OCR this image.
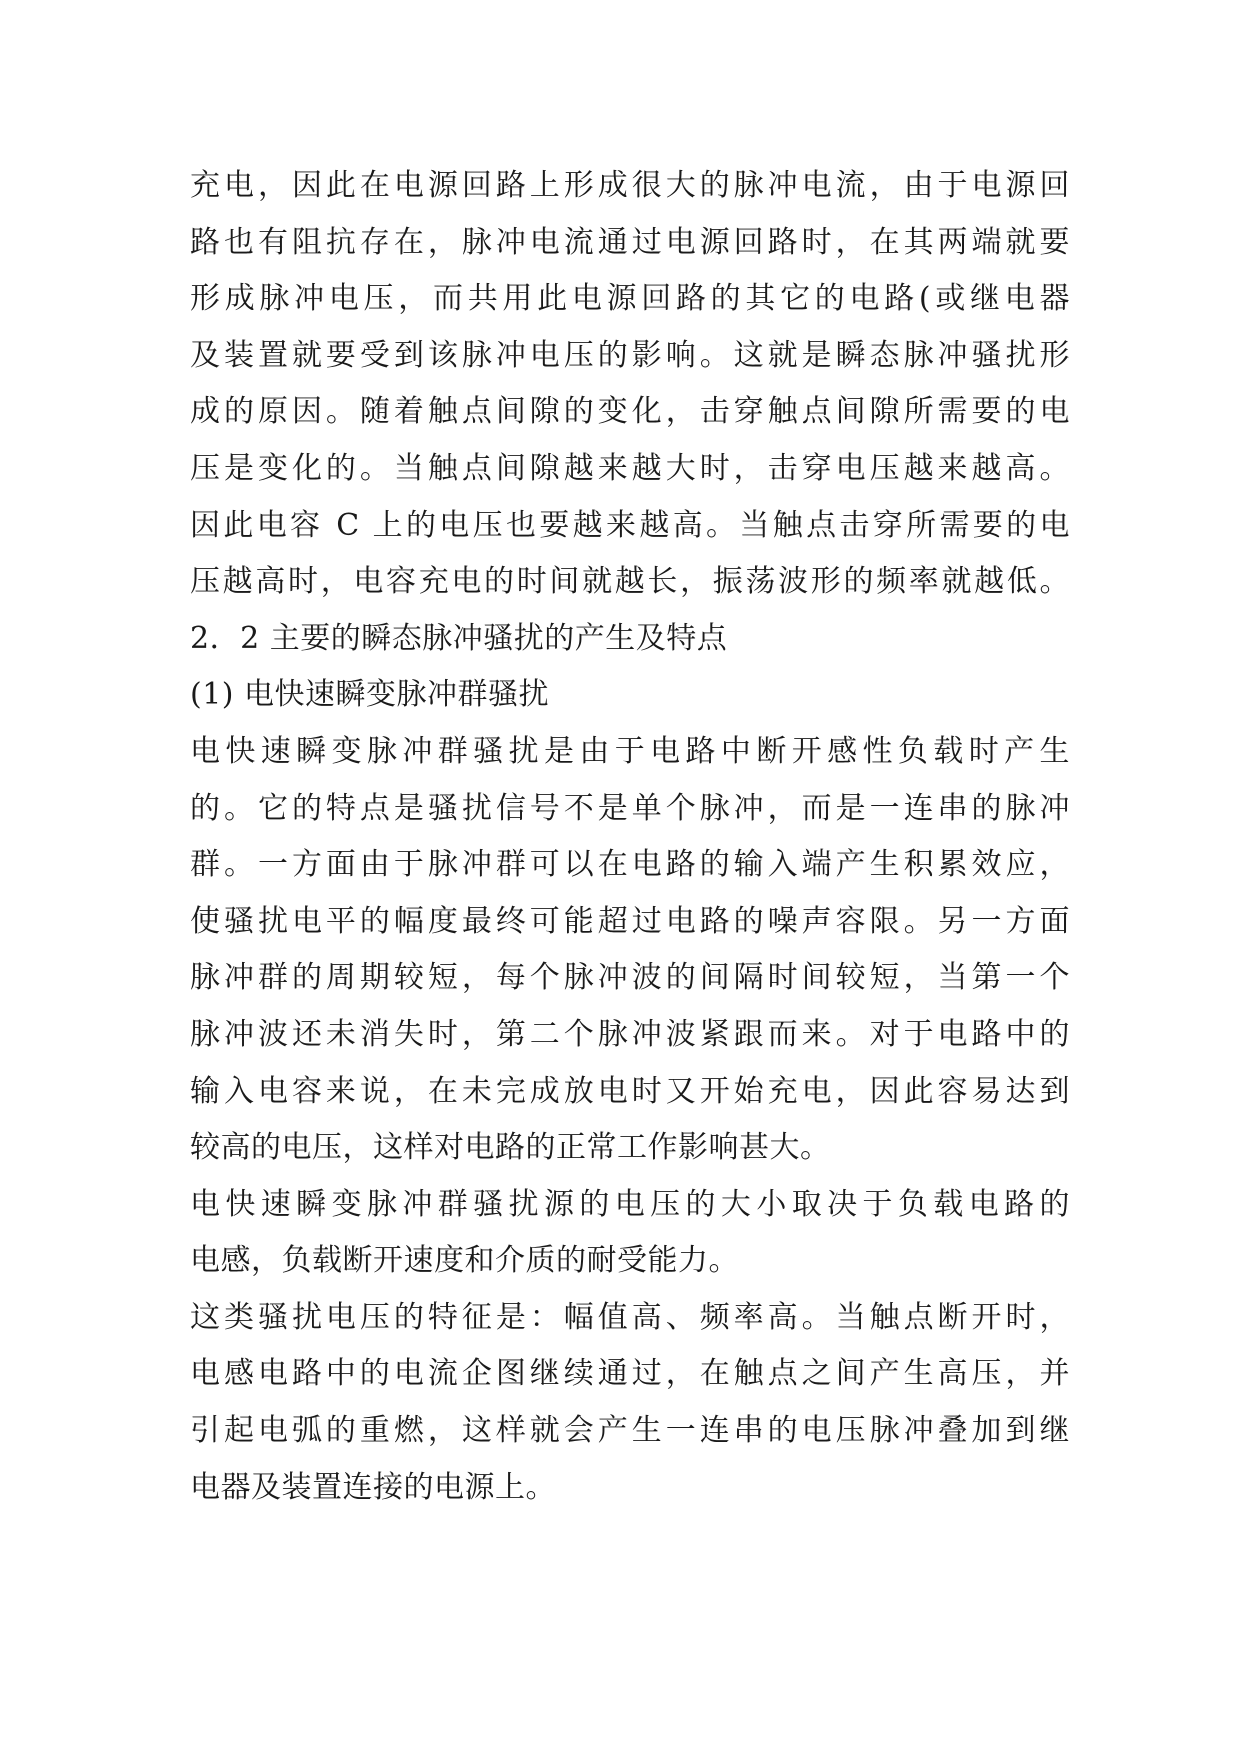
充电，因此在电源回路上形成很大的脉冲电流，由于电源回
路也有阻抗存在，脉冲电流通过电源回路时，在其两端就要
形成脉冲电压，而共用此电源回路的其它的电路(或继电器
及装置就要受到该脉冲电压的影响。这就是瞬态脉冲骚扰形
成的原因。随着触点间隙的变化，击穿触点间隙所需要的电
压是变化的。当触点间隙越来越大时，击穿电压越来越高。
因此电容 C 上的电压也要越来越高。当触点击穿所需要的电
压越高时，电容充电的时间就越长，振荡波形的频率就越低。
2．2 主要的瞬态脉冲骚扰的产生及特点
(1) 电快速瞬变脉冲群骚扰
电快速瞬变脉冲群骚扰是由于电路中断开感性负载时产生
的。它的特点是骚扰信号不是单个脉冲，而是一连串的脉冲
群。一方面由于脉冲群可以在电路的输入端产生积累效应，
使骚扰电平的幅度最终可能超过电路的噪声容限。另一方面
脉冲群的周期较短，每个脉冲波的间隔时间较短，当第一个
脉冲波还未消失时，第二个脉冲波紧跟而来。对于电路中的
输入电容来说，在未完成放电时又开始充电，因此容易达到
较高的电压，这样对电路的正常工作影响甚大。
电快速瞬变脉冲群骚扰源的电压的大小取决于负载电路的
电感，负载断开速度和介质的耐受能力。
这类骚扰电压的特征是：幅值高、频率高。当触点断开时，
电感电路中的电流企图继续通过，在触点之间产生高压，并
引起电弧的重燃，这样就会产生一连串的电压脉冲叠加到继
电器及装置连接的电源上。
